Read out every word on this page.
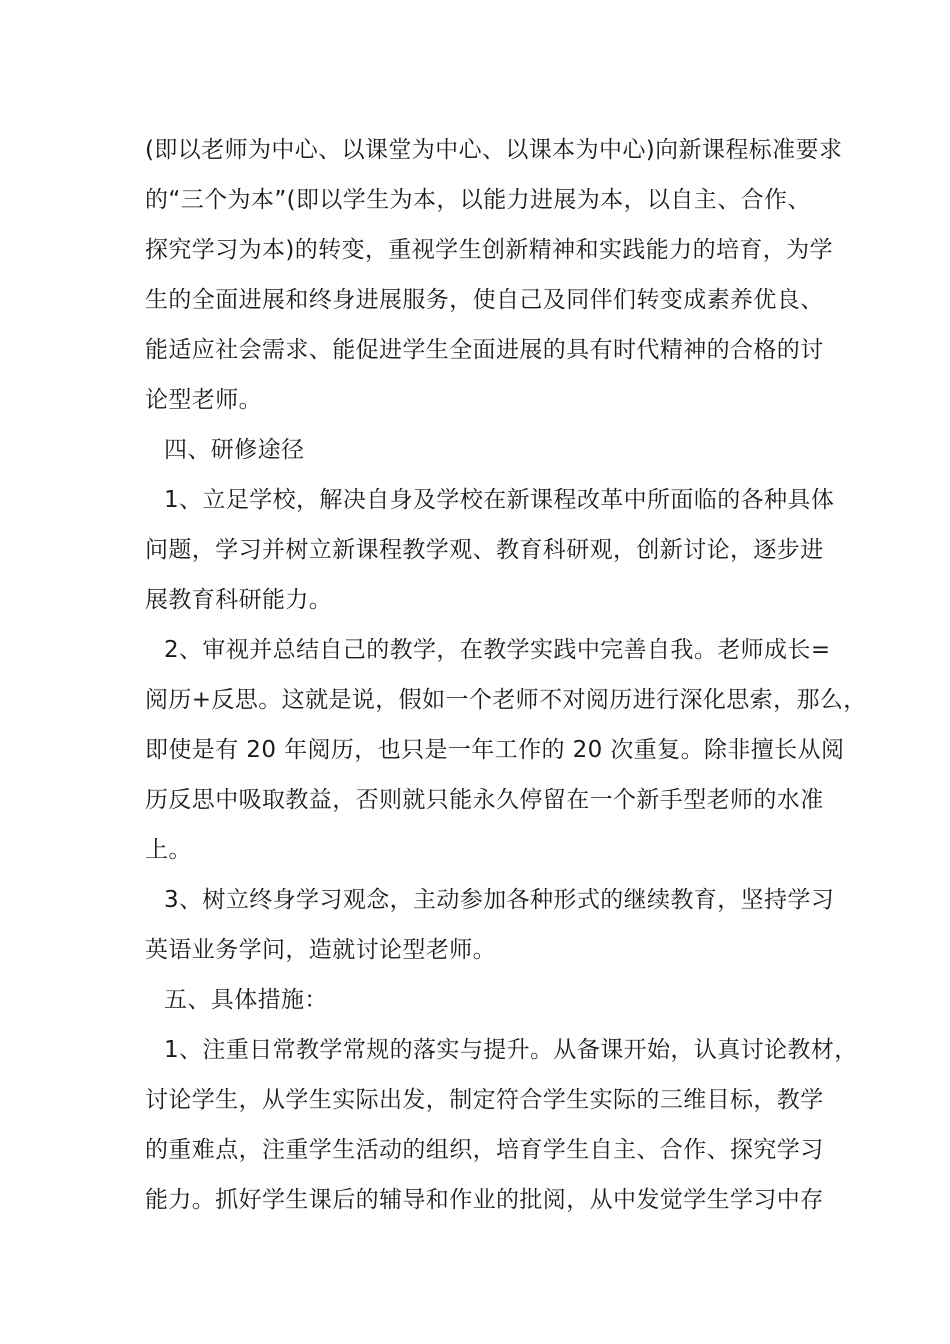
(即以老师为中心、以课堂为中心、以课本为中心)向新课程标准要求
的“三个为本”(即以学生为本，以能力进展为本，以自主、合作、
探究学习为本)的转变，重视学生创新精神和实践能力的培育，为学
生的全面进展和终身进展服务，使自己及同伴们转变成素养优良、
能适应社会需求、能促进学生全面进展的具有时代精神的合格的讨
论型老师。
四、研修途径
1、立足学校，解决自身及学校在新课程改革中所面临的各种具体
问题，学习并树立新课程教学观、教育科研观，创新讨论，逐步进
展教育科研能力。
2、审视并总结自己的教学，在教学实践中完善自我。老师成长=
阅历+反思。这就是说，假如一个老师不对阅历进行深化思索，那么，
即使是有 20 年阅历，也只是一年工作的 20 次重复。除非擅长从阅
历反思中吸取教益，否则就只能永久停留在一个新手型老师的水准
上。
3、树立终身学习观念，主动参加各种形式的继续教育，坚持学习
英语业务学问，造就讨论型老师。
五、具体措施：
1、注重日常教学常规的落实与提升。从备课开始，认真讨论教材，
讨论学生，从学生实际出发，制定符合学生实际的三维目标，教学
的重难点，注重学生活动的组织，培育学生自主、合作、探究学习
能力。抓好学生课后的辅导和作业的批阅，从中发觉学生学习中存
